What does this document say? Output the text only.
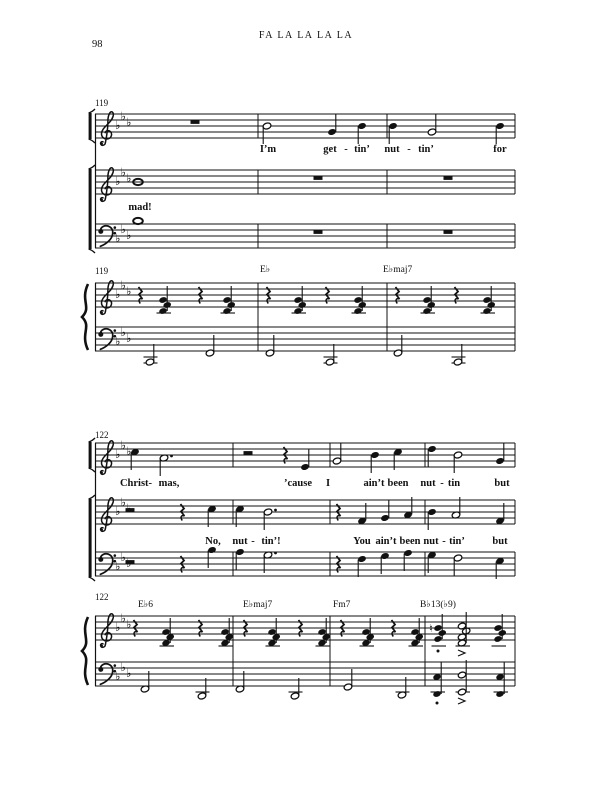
98
FA LA LA LA LA
119
119
122
122
E♭	E♭maj7
E♭6	E♭maj7	Fm7	B♭13(♭9)
I’m	get - tin’ nut - tin’	for
mad!
Christ- mas,	’cause I	ain’t been nut - tin	but
No, nut - tin’!	You ain’t been nut - tin’	but
♭
♭ ♭
♭
♭ ♭
♭
♭ ♭
♭
♭ ♭
♭
♭ ♭
♭
♭ ♭
♭
♭
♭
♭
♭
♭ ♭
♭
♭ ♭
♮
